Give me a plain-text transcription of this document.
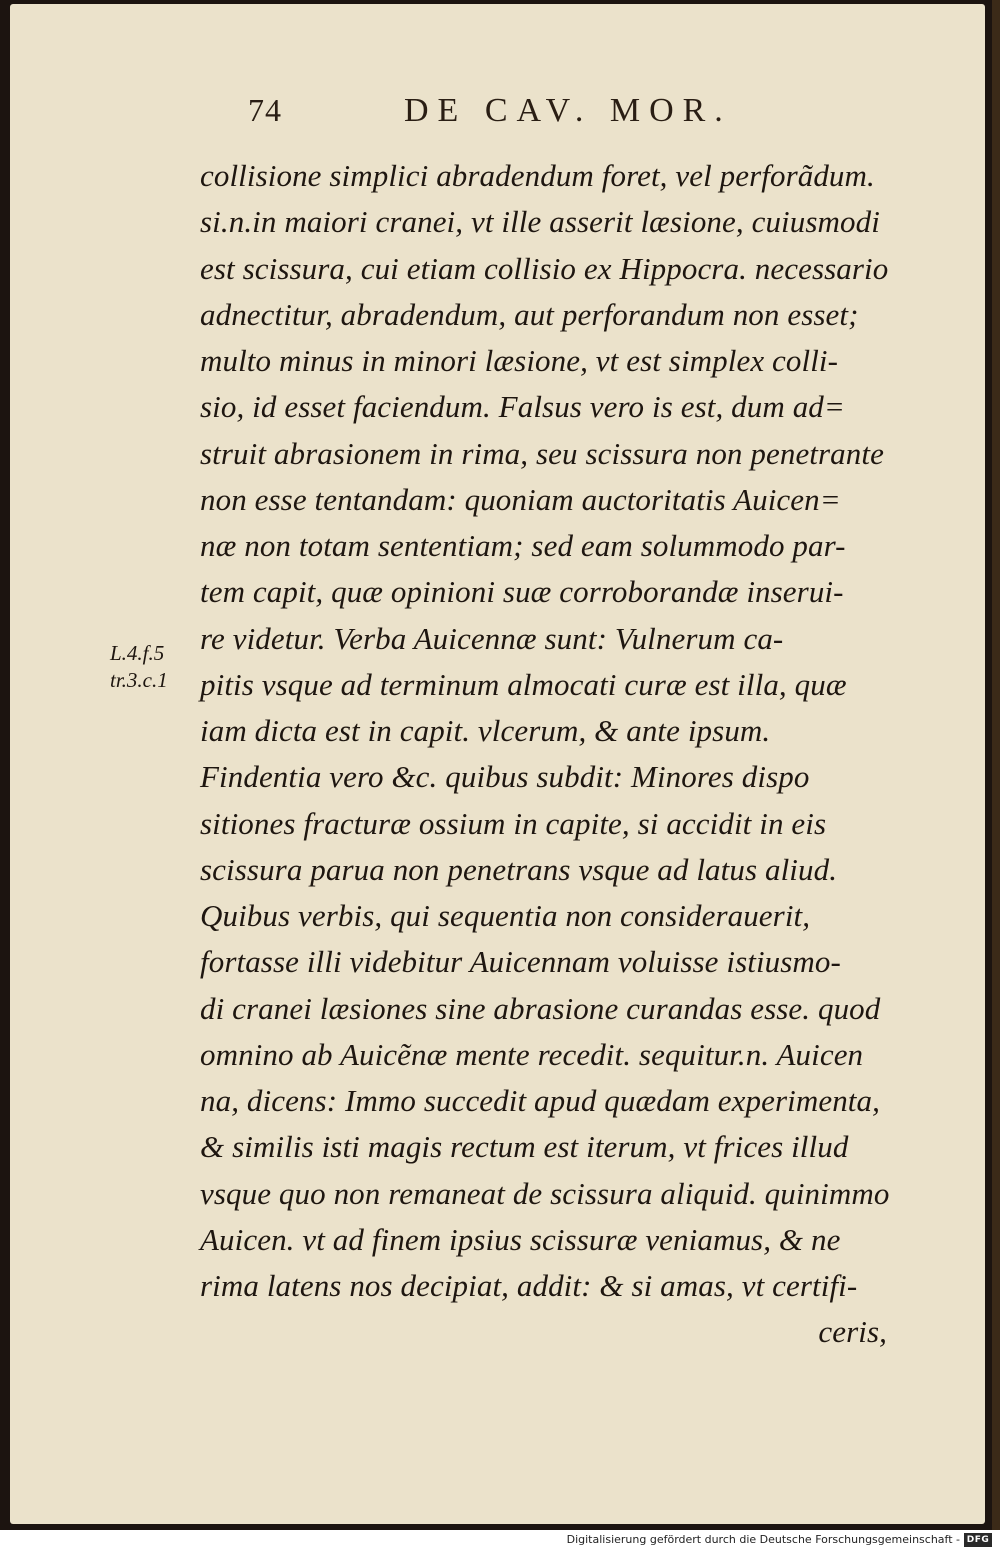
74	DE CAV. MOR.
L.4.f.5
tr.3.c.1
collisione simplici abradendum foret, vel perforãdum.
si.n.in maiori cranei, vt ille asserit læsione, cuiusmodi
est scissura, cui etiam collisio ex Hippocra. necessario
adnectitur, abradendum, aut perforandum non esset;
multo minus in minori læsione, vt est simplex colli-
sio, id esset faciendum. Falsus vero is est, dum ad=
struit abrasionem in rima, seu scissura non penetrante
non esse tentandam: quoniam auctoritatis Auicen=
næ non totam sententiam; sed eam solummodo par-
tem capit, quæ opinioni suæ corroborandæ inserui-
re videtur. Verba Auicennæ sunt: Vulnerum ca-
pitis vsque ad terminum almocati curæ est illa, quæ
iam dicta est in capit. vlcerum, & ante ipsum.
Findentia vero &c. quibus subdit: Minores dispo
sitiones fracturæ ossium in capite, si accidit in eis
scissura parua non penetrans vsque ad latus aliud.
Quibus verbis, qui sequentia non considerauerit,
fortasse illi videbitur Auicennam voluisse istiusmo-
di cranei læsiones sine abrasione curandas esse. quod
omnino ab Auicẽnæ mente recedit. sequitur.n. Auicen
na, dicens: Immo succedit apud quædam experimenta,
& similis isti magis rectum est iterum, vt frices illud
vsque quo non remaneat de scissura aliquid. quinimmo
Auicen. vt ad finem ipsius scissuræ veniamus, & ne
rima latens nos decipiat, addit: & si amas, vt certifi-
ceris,
Digitalisierung gefördert durch die Deutsche Forschungsgemeinschaft - DFG
